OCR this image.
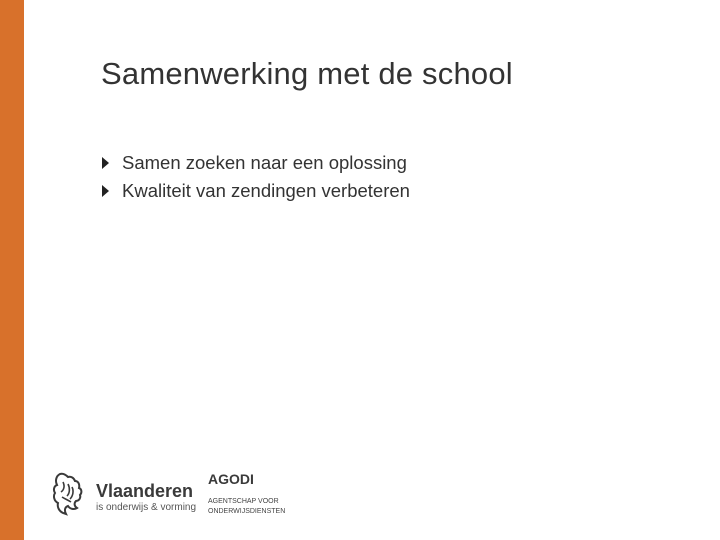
Samenwerking met de school
Samen zoeken naar een oplossing
Kwaliteit van zendingen verbeteren
Vlaanderen
is onderwijs & vorming
AGODI
AGENTSCHAP VOOR ONDERWIJSDIENSTEN
